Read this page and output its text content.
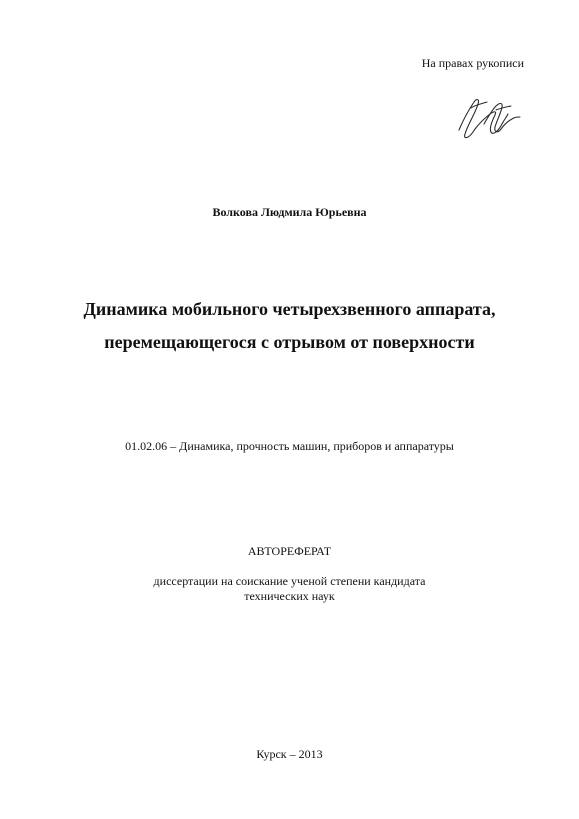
На правах рукописи
Волкова Людмила Юрьевна
Динамика мобильного четырехзвенного аппарата,
перемещающегося с отрывом от поверхности
01.02.06 – Динамика, прочность машин, приборов и аппаратуры
АВТОРЕФЕРАТ
диссертации на соискание ученой степени кандидата
технических наук
Курск – 2013
